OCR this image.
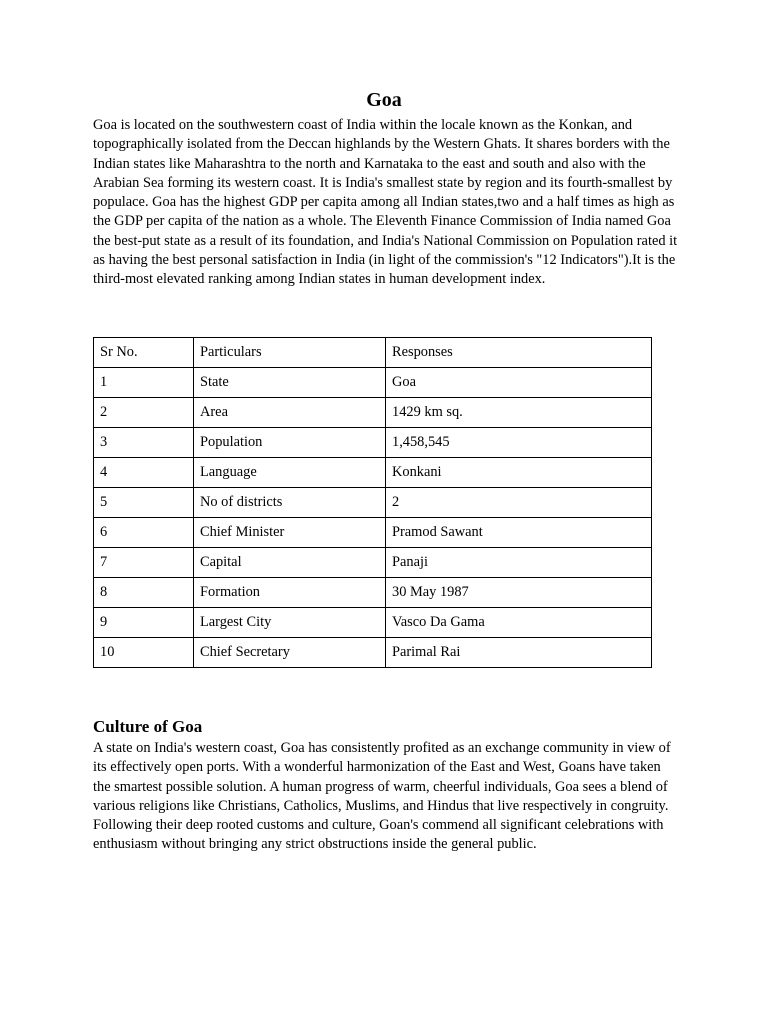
Goa

Goa is located on the southwestern coast of India within the locale known as the Konkan, and topographically isolated from the Deccan highlands by the Western Ghats. It shares borders with the Indian states like Maharashtra to the north and Karnataka to the east and south and also with the Arabian Sea forming its western coast. It is India's smallest state by region and its fourth-smallest by populace. Goa has the highest GDP per capita among all Indian states,two and a half times as high as the GDP per capita of the nation as a whole. The Eleventh Finance Commission of India named Goa the best-put state as a result of its foundation, and India's National Commission on Population rated it as having the best personal satisfaction in India (in light of the commission's "12 Indicators").It is the third-most elevated ranking among Indian states in human development index.

Sr No.	Particulars	Responses
1	State	Goa
2	Area	1429 km sq.
3	Population	1,458,545
4	Language	Konkani
5	No of districts	2
6	Chief Minister	Pramod Sawant
7	Capital	Panaji
8	Formation	30 May 1987
9	Largest City	Vasco Da Gama
10	Chief Secretary	Parimal Rai
Culture of Goa

A state on India's western coast, Goa has consistently profited as an exchange community in view of its effectively open ports. With a wonderful harmonization of the East and West, Goans have taken the smartest possible solution. A human progress of warm, cheerful individuals, Goa sees a blend of various religions like Christians, Catholics, Muslims, and Hindus that live respectively in congruity. Following their deep rooted customs and culture, Goan's commend all significant celebrations with enthusiasm without bringing any strict obstructions inside the general public.
